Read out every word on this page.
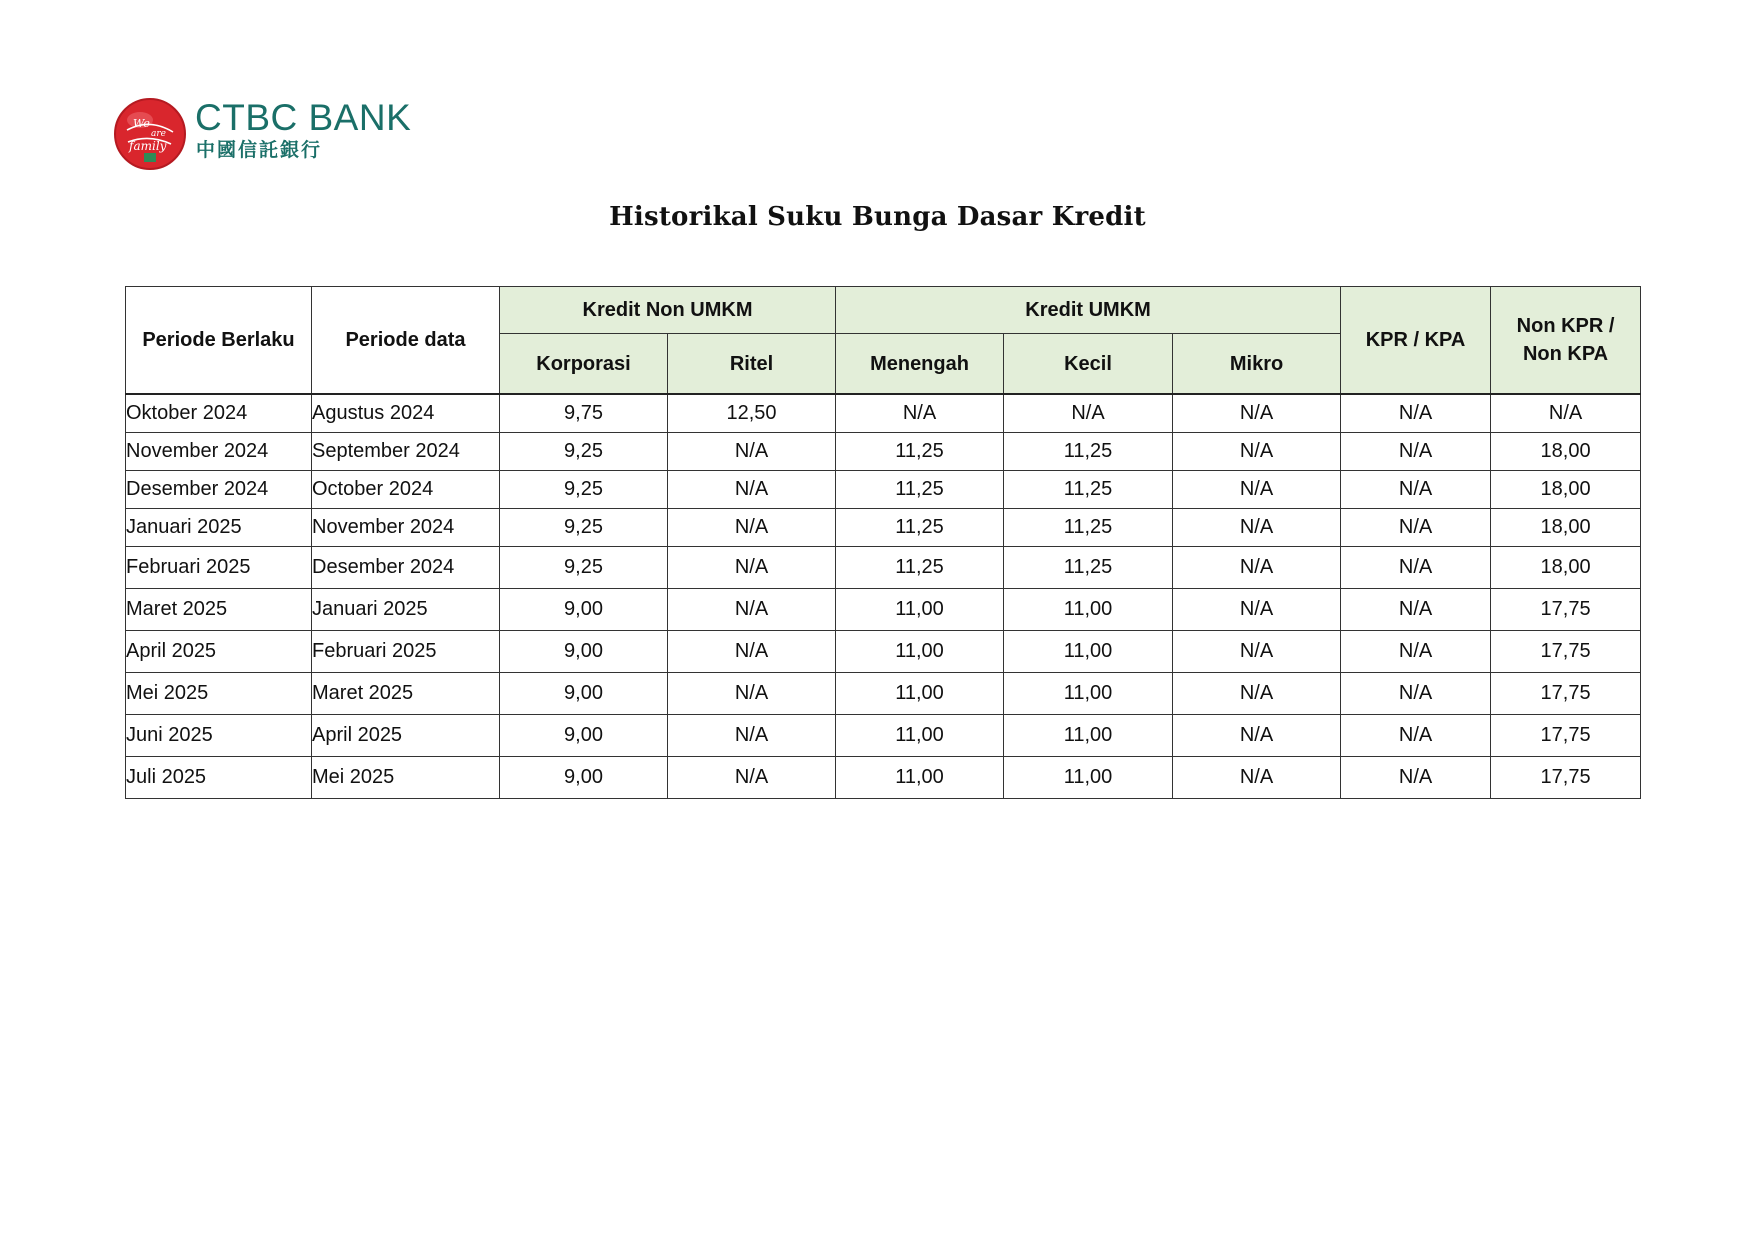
We
are
family
CTBC BANK
中國信託銀行
Historikal Suku Bunga Dasar Kredit
Periode Berlaku	Periode data	Kredit Non UMKM		Kredit UMKM			KPR / KPA	Non KPR /
Non KPA
		Korporasi	Ritel	Menengah	Kecil	Mikro		
Oktober 2024	Agustus 2024	9,75	12,50	N/A	N/A	N/A	N/A	N/A
November 2024	September 2024	9,25	N/A	11,25	11,25	N/A	N/A	18,00
Desember 2024	October 2024	9,25	N/A	11,25	11,25	N/A	N/A	18,00
Januari 2025	November 2024	9,25	N/A	11,25	11,25	N/A	N/A	18,00
Februari 2025	Desember 2024	9,25	N/A	11,25	11,25	N/A	N/A	18,00
Maret 2025	Januari 2025	9,00	N/A	11,00	11,00	N/A	N/A	17,75
April 2025	Februari 2025	9,00	N/A	11,00	11,00	N/A	N/A	17,75
Mei 2025	Maret 2025	9,00	N/A	11,00	11,00	N/A	N/A	17,75
Juni 2025	April 2025	9,00	N/A	11,00	11,00	N/A	N/A	17,75
Juli 2025	Mei 2025	9,00	N/A	11,00	11,00	N/A	N/A	17,75
